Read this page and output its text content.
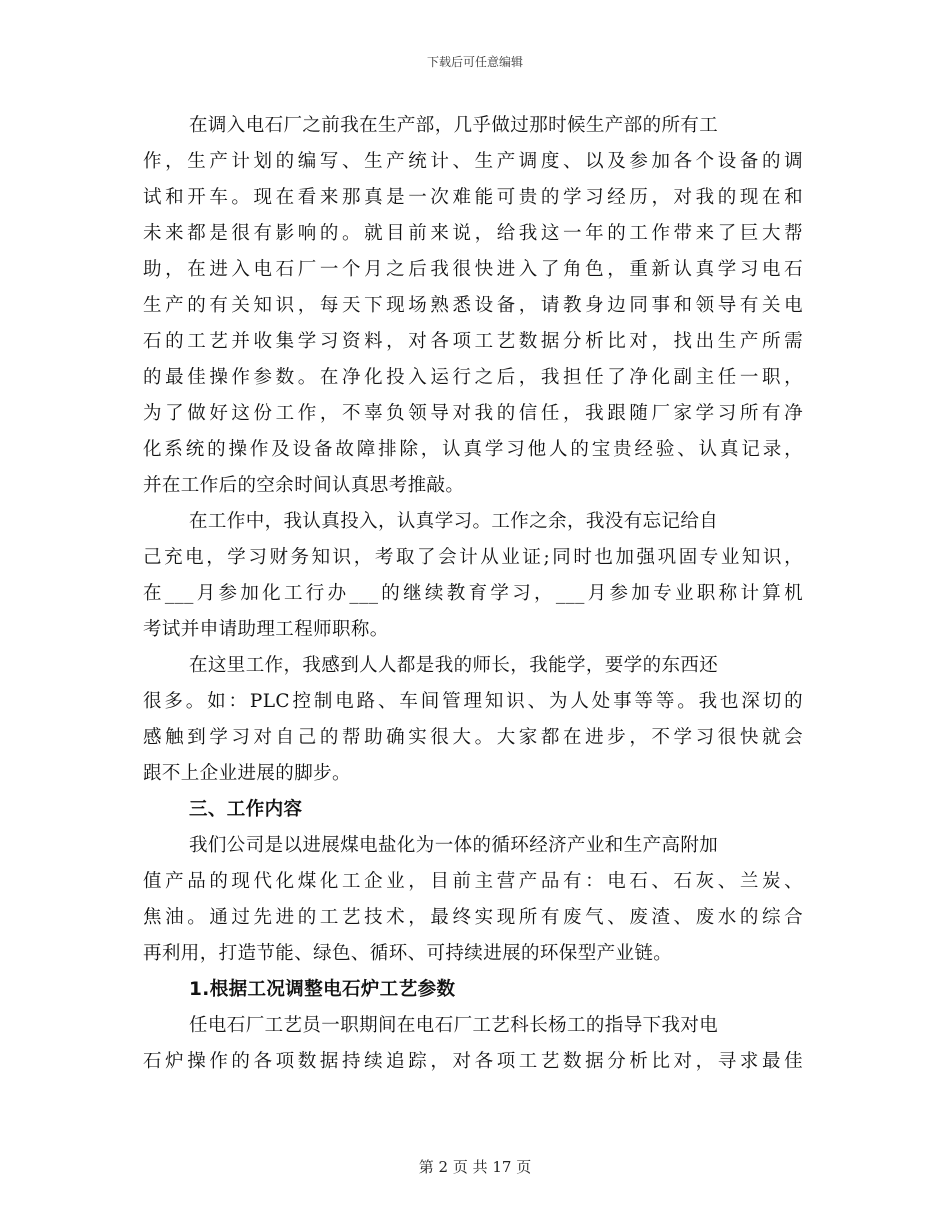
下载后可任意编辑
在调入电石厂之前我在生产部，几乎做过那时候生产部的所有工
作，生产计划的编写、生产统计、生产调度、以及参加各个设备的调
试和开车。现在看来那真是一次难能可贵的学习经历，对我的现在和
未来都是很有影响的。就目前来说，给我这一年的工作带来了巨大帮
助，在进入电石厂一个月之后我很快进入了角色，重新认真学习电石
生产的有关知识，每天下现场熟悉设备，请教身边同事和领导有关电
石的工艺并收集学习资料，对各项工艺数据分析比对，找出生产所需
的最佳操作参数。在净化投入运行之后，我担任了净化副主任一职，
为了做好这份工作，不辜负领导对我的信任，我跟随厂家学习所有净
化系统的操作及设备故障排除，认真学习他人的宝贵经验、认真记录，
并在工作后的空余时间认真思考推敲。
在工作中，我认真投入，认真学习。工作之余，我没有忘记给自
己充电，学习财务知识，考取了会计从业证;同时也加强巩固专业知识，
在___月参加化工行办___的继续教育学习，___月参加专业职称计算机
考试并申请助理工程师职称。
在这里工作，我感到人人都是我的师长，我能学，要学的东西还
很多。如：PLC控制电路、车间管理知识、为人处事等等。我也深切的
感触到学习对自己的帮助确实很大。大家都在进步，不学习很快就会
跟不上企业进展的脚步。
三、工作内容
我们公司是以进展煤电盐化为一体的循环经济产业和生产高附加
值产品的现代化煤化工企业，目前主营产品有：电石、石灰、兰炭、
焦油。通过先进的工艺技术，最终实现所有废气、废渣、废水的综合
再利用，打造节能、绿色、循环、可持续进展的环保型产业链。
1.根据工况调整电石炉工艺参数
任电石厂工艺员一职期间在电石厂工艺科长杨工的指导下我对电
石炉操作的各项数据持续追踪，对各项工艺数据分析比对，寻求最佳
第 2 页 共 17 页
